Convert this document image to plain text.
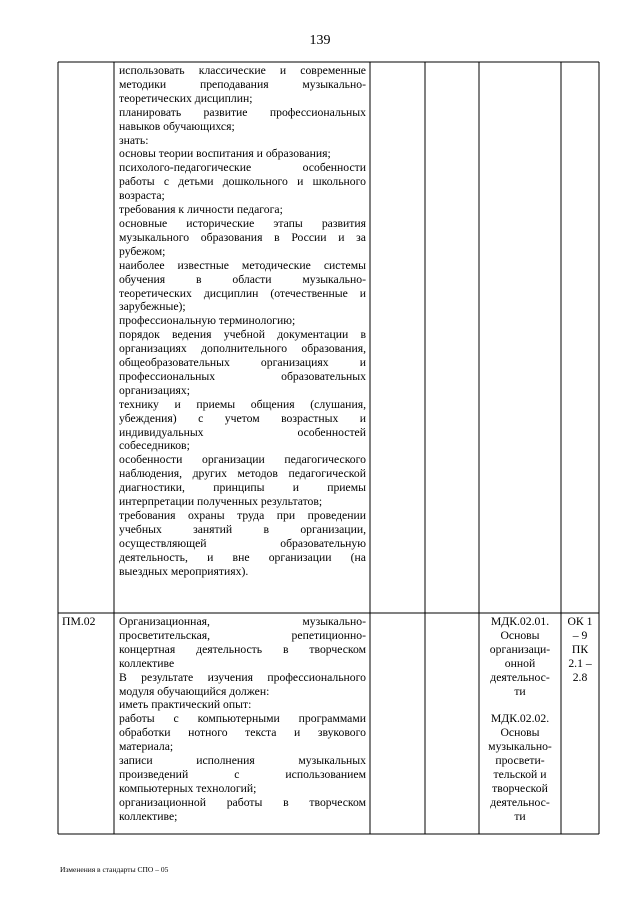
139
использовать классические и современные
методики преподавания музыкально-
теоретических дисциплин;
планировать развитие профессиональных
навыков обучающихся;
знать:
основы теории воспитания и образования;
психолого-педагогические особенности
работы с детьми дошкольного и школьного
возраста;
требования к личности педагога;
основные исторические этапы развития
музыкального образования в России и за
рубежом;
наиболее известные методические системы
обучения в области музыкально-
теоретических дисциплин (отечественные и
зарубежные);
профессиональную терминологию;
порядок ведения учебной документации в
организациях дополнительного образования,
общеобразовательных организациях и
профессиональных образовательных
организациях;
технику и приемы общения (слушания,
убеждения) с учетом возрастных и
индивидуальных особенностей
собеседников;
особенности организации педагогического
наблюдения, других методов педагогической
диагностики, принципы и приемы
интерпретации полученных результатов;
требования охраны труда при проведении
учебных занятий в организации,
осуществляющей образовательную
деятельность, и вне организации (на
выездных мероприятиях).
ПМ.02	Организационная, музыкально-
просветительская, репетиционно-
концертная деятельность в творческом
коллективе
В результате изучения профессионального
модуля обучающийся должен:
иметь практический опыт:
работы с компьютерными программами
обработки нотного текста и звукового
материала;
записи исполнения музыкальных
произведений с использованием
компьютерных технологий;
организационной работы в творческом
коллективе;
МДК.02.01.
Основы
организаци-
онной
деятельнос-
ти

МДК.02.02.
Основы
музыкально-
просвети-
тельской и
творческой
деятельнос-
ти
ОК 1
– 9
ПК
2.1 –
2.8
Изменения в стандарты СПО – 05
